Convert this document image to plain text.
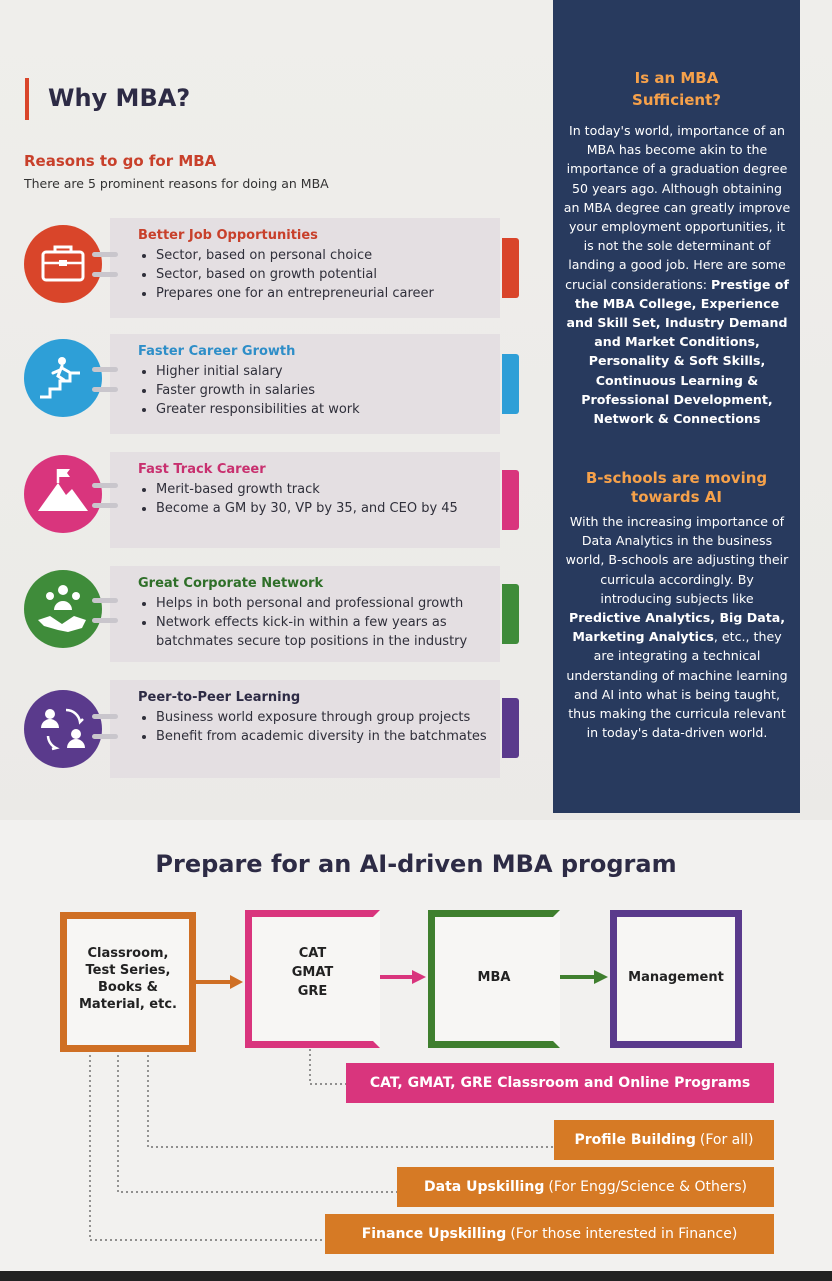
Why MBA?
Reasons to go for MBA
There are 5 prominent reasons for doing an MBA
Better Job Opportunities
• Sector, based on personal choice
• Sector, based on growth potential
• Prepares one for an entrepreneurial career
Faster Career Growth
• Higher initial salary
• Faster growth in salaries
• Greater responsibilities at work
Fast Track Career
• Merit-based growth track
• Become a GM by 30, VP by 35, and CEO by 45
Great Corporate Network
• Helps in both personal and professional growth
• Network effects kick-in within a few years as batchmates secure top positions in the industry
Peer-to-Peer Learning
• Business world exposure through group projects
• Benefit from academic diversity in the batchmates
Is an MBA
Sufficient?
In today's world, importance of an MBA has become akin to the importance of a graduation degree 50 years ago. Although obtaining an MBA degree can greatly improve your employment opportunities, it is not the sole determinant of landing a good job. Here are some crucial considerations: Prestige of the MBA College, Experience and Skill Set, Industry Demand and Market Conditions, Personality & Soft Skills, Continuous Learning & Professional Development, Network & Connections
B-schools are moving
towards AI
With the increasing importance of Data Analytics in the business world, B-schools are adjusting their curricula accordingly. By introducing subjects like Predictive Analytics, Big Data, Marketing Analytics, etc., they are integrating a technical understanding of machine learning and AI into what is being taught, thus making the curricula relevant in today's data-driven world.
Prepare for an AI-driven MBA program
Classroom,
Test Series,
Books &
Material, etc.
CAT
GMAT
GRE
MBA	Management
CAT, GMAT, GRE Classroom and Online Programs
Profile Building (For all)
Data Upskilling (For Engg/Science & Others)
Finance Upskilling (For those interested in Finance)
